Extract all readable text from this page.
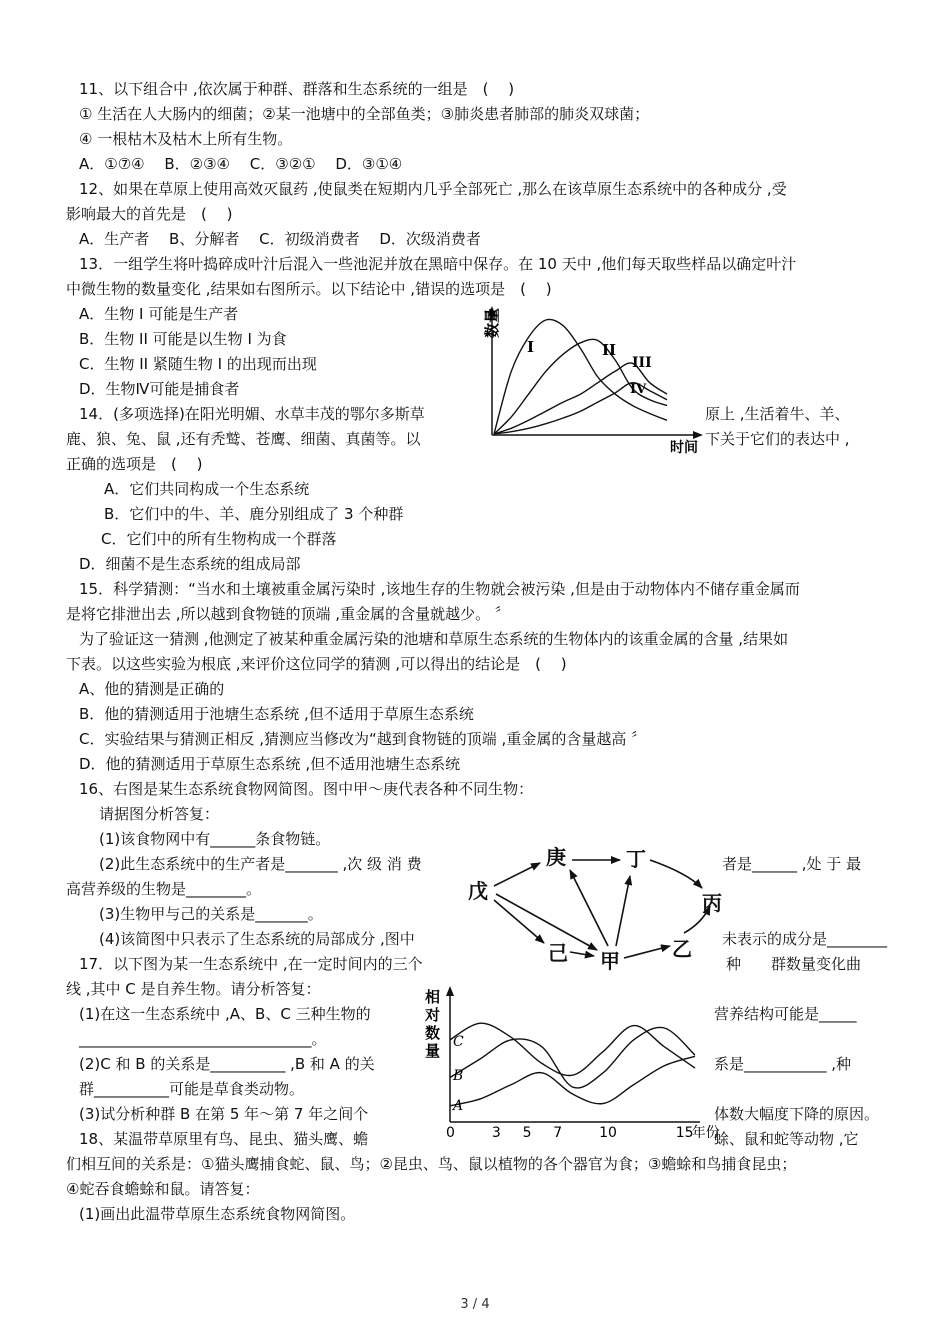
11、以下组合中 ,依次属于种群、群落和生态系统的一组是　(　 )
① 生活在人大肠内的细菌；②某一池塘中的全部鱼类；③肺炎患者肺部的肺炎双球菌；
④ 一根枯木及枯木上所有生物。
A．①⑦④　 B．②③④　 C．③②①　 D．③①④
12、如果在草原上使用高效灭鼠药 ,使鼠类在短期内几乎全部死亡 ,那么在该草原生态系统中的各种成分 ,受
影响最大的首先是　(　 )
A．生产者　 B、分解者　 C．初级消费者　 D．次级消费者
13．一组学生将叶捣碎成叶汁后混入一些池泥并放在黑暗中保存。在 10 天中 ,他们每天取些样品以确定叶汁
中微生物的数量变化 ,结果如右图所示。以下结论中 ,错误的选项是　(　 )
A．生物 I 可能是生产者
B．生物 II 可能是以生物 I 为食
C．生物 II 紧随生物 I 的出现而出现
D．生物Ⅳ可能是捕食者
数量
时间
I	II
III
IV
14．(多项选择)在阳光明媚、水草丰茂的鄂尔多斯草	原上 ,生活着牛、羊、
鹿、狼、兔、鼠 ,还有秃鹫、苍鹰、细菌、真菌等。以	下关于它们的表达中 ,
正确的选项是　(　 )
A．它们共同构成一个生态系统
B．它们中的牛、羊、鹿分别组成了 3 个种群
C．它们中的所有生物构成一个群落
D．细菌不是生态系统的组成局部
15．科学猜测：“当水和土壤被重金属污染时 ,该地生存的生物就会被污染 ,但是由于动物体内不储存重金属而
是将它排泄出去 ,所以越到食物链的顶端 ,重金属的含量就越少。 〞
为了验证这一猜测 ,他测定了被某种重金属污染的池塘和草原生态系统的生物体内的该重金属的含量 ,结果如
下表。以这些实验为根底 ,来评价这位同学的猜测 ,可以得出的结论是　(　 )
A、他的猜测是正确的
B．他的猜测适用于池塘生态系统 ,但不适用于草原生态系统
C．实验结果与猜测正相反 ,猜测应当修改为“越到食物链的顶端 ,重金属的含量越高 〞
D．他的猜测适用于草原生态系统 ,但不适用池塘生态系统
16、右图是某生态系统食物网简图。图中甲～庚代表各种不同生物：
请据图分析答复：
(1)该食物网中有______条食物链。
(2)此生态系统中的生产者是_______ ,次 级 消 费	者是______ ,处 于 最
高营养级的生物是________。
(3)生物甲与己的关系是_______。
(4)该简图中只表示了生态系统的局部成分 ,图中	未表示的成分是________
庚	丁
戊	丙
己 甲	乙
17．以下图为某一生态系统中 ,在一定时间内的三个	种　　群数量变化曲
线 ,其中 C 是自养生物。请分析答复：
(1)在这一生态系统中 ,A、B、C 三种生物的	营养结构可能是_____
_______________________________。
(2)C 和 B 的关系是__________ ,B 和 A 的关	系是___________ ,种
群__________可能是草食类动物。
(3)试分析种群 B 在第 5 年～第 7 年之间个	体数大幅度下降的原因。
0	3 5 7	10	15
相
对
数
量
年份
C
B
A
18、某温带草原里有鸟、昆虫、猫头鹰、蟾	蜍、鼠和蛇等动物 ,它
们相互间的关系是：①猫头鹰捕食蛇、鼠、鸟；②昆虫、鸟、鼠以植物的各个器官为食；③蟾蜍和鸟捕食昆虫；
④蛇吞食蟾蜍和鼠。请答复：
(1)画出此温带草原生态系统食物网简图。
3 / 4
